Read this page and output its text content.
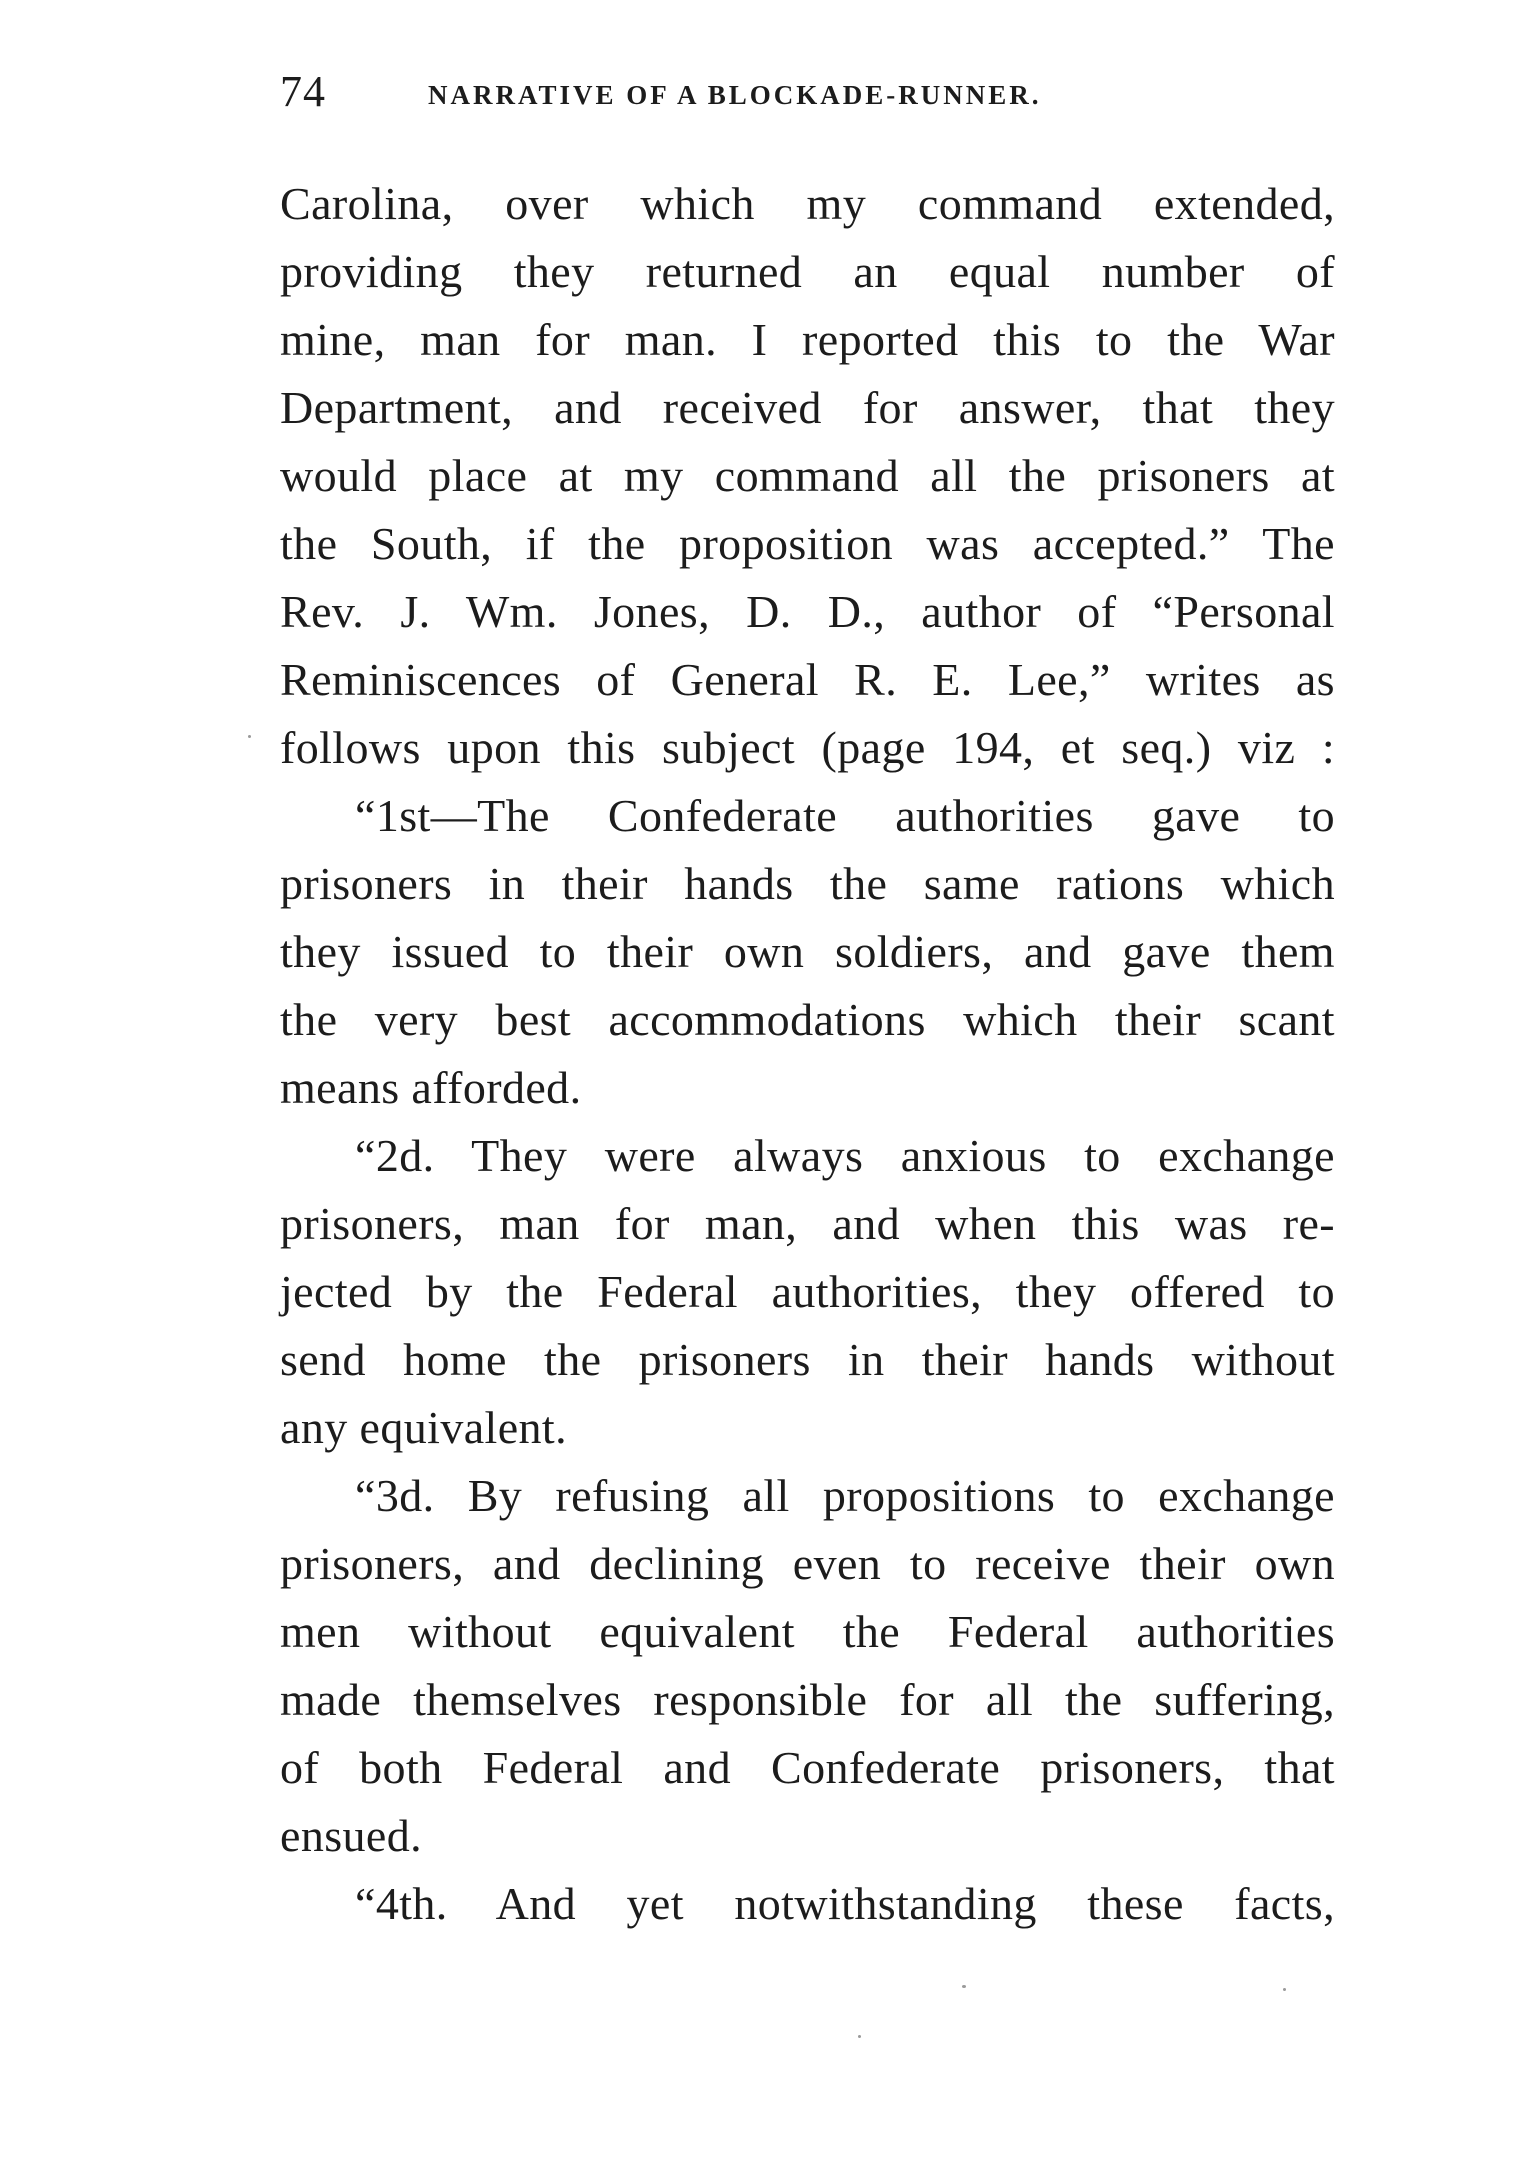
74	NARRATIVE OF A BLOCKADE-RUNNER.
Carolina, over which my command extended,
providing they returned an equal number of
mine, man for man. I reported this to the War
Department, and received for answer, that they
would place at my command all the prisoners at
the South, if the proposition was accepted.” The
Rev. J. Wm. Jones, D. D., author of “Personal
Reminiscences of General R. E. Lee,” writes as
follows upon this subject (page 194, et seq.) viz :
“1st—The Confederate authorities gave to
prisoners in their hands the same rations which
they issued to their own soldiers, and gave them
the very best accommodations which their scant
means afforded.
“2d. They were always anxious to exchange
prisoners, man for man, and when this was re-
jected by the Federal authorities, they offered to
send home the prisoners in their hands without
any equivalent.
“3d. By refusing all propositions to exchange
prisoners, and declining even to receive their own
men without equivalent the Federal authorities
made themselves responsible for all the suffering,
of both Federal and Confederate prisoners, that
ensued.
“4th. And yet notwithstanding these facts,
